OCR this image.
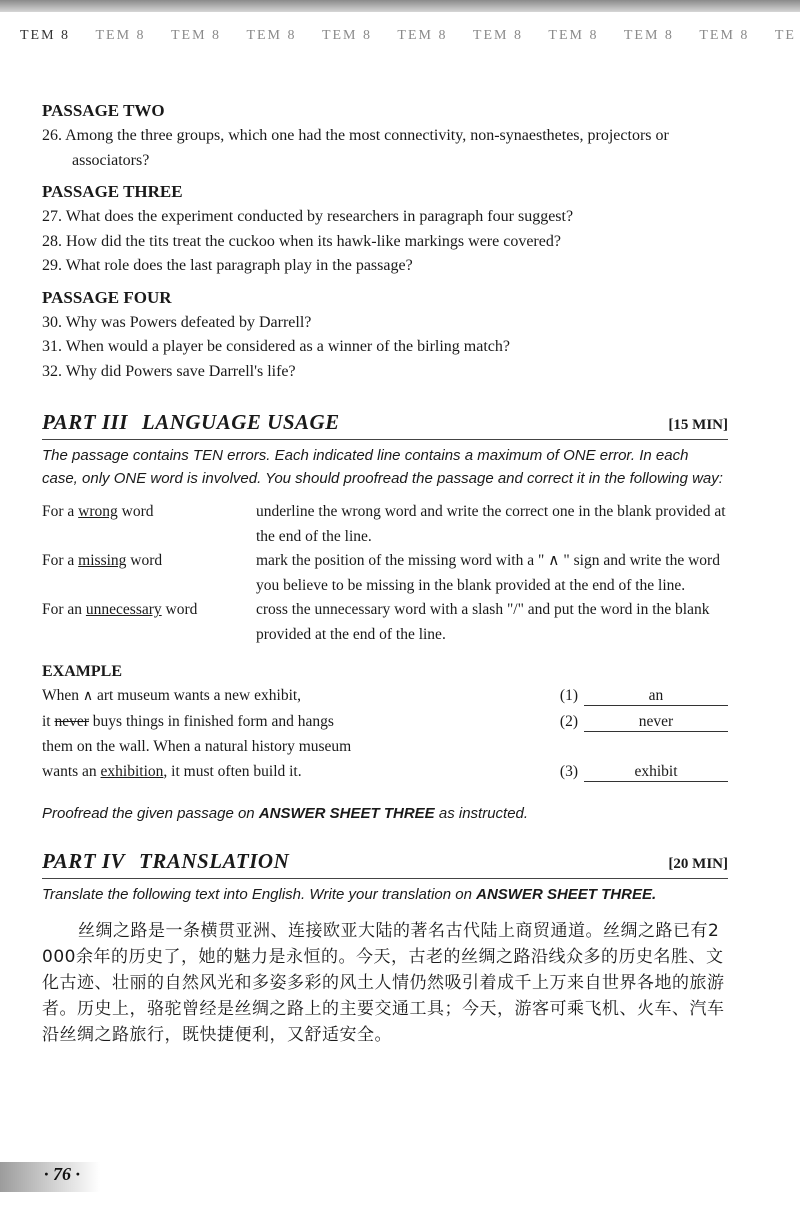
TEM 8 TEM 8 TEM 8 TEM 8 TEM 8 TEM 8 TEM 8 TEM 8 TEM 8 TEM 8 TE
PASSAGE TWO
26. Among the three groups, which one had the most connectivity, non-synaesthetes, projectors or associators?
PASSAGE THREE
27. What does the experiment conducted by researchers in paragraph four suggest?
28. How did the tits treat the cuckoo when its hawk-like markings were covered?
29. What role does the last paragraph play in the passage?
PASSAGE FOUR
30. Why was Powers defeated by Darrell?
31. When would a player be considered as a winner of the birling match?
32. Why did Powers save Darrell's life?
PART III LANGUAGE USAGE	[15 MIN]

The passage contains TEN errors. Each indicated line contains a maximum of ONE error. In each case, only ONE word is involved. You should proofread the passage and correct it in the following way:

For a wrong word	underline the wrong word and write the correct one in the blank provided at the end of the line.
For a missing word	mark the position of the missing word with a " ∧ " sign and write the word you believe to be missing in the blank provided at the end of the line.
For an unnecessary word	cross the unnecessary word with a slash "/" and put the word in the blank provided at the end of the line.
EXAMPLE
When ∧ art museum wants a new exhibit,	(1)	an
it never buys things in finished form and hangs	(2)	never
them on the wall. When a natural history museum
wants an exhibition, it must often build it.	(3)	exhibit

Proofread the given passage on ANSWER SHEET THREE as instructed.

PART IV TRANSLATION	[20 MIN]

Translate the following text into English. Write your translation on ANSWER SHEET THREE.

丝绸之路是一条横贯亚洲、连接欧亚大陆的著名古代陆上商贸通道。丝绸之路已有2 000余年的历史了，她的魅力是永恒的。今天，古老的丝绸之路沿线众多的历史名胜、文化古迹、壮丽的自然风光和多姿多彩的风土人情仍然吸引着成千上万来自世界各地的旅游者。历史上，骆驼曾经是丝绸之路上的主要交通工具；今天，游客可乘飞机、火车、汽车沿丝绸之路旅行，既快捷便利，又舒适安全。

· 76 ·
